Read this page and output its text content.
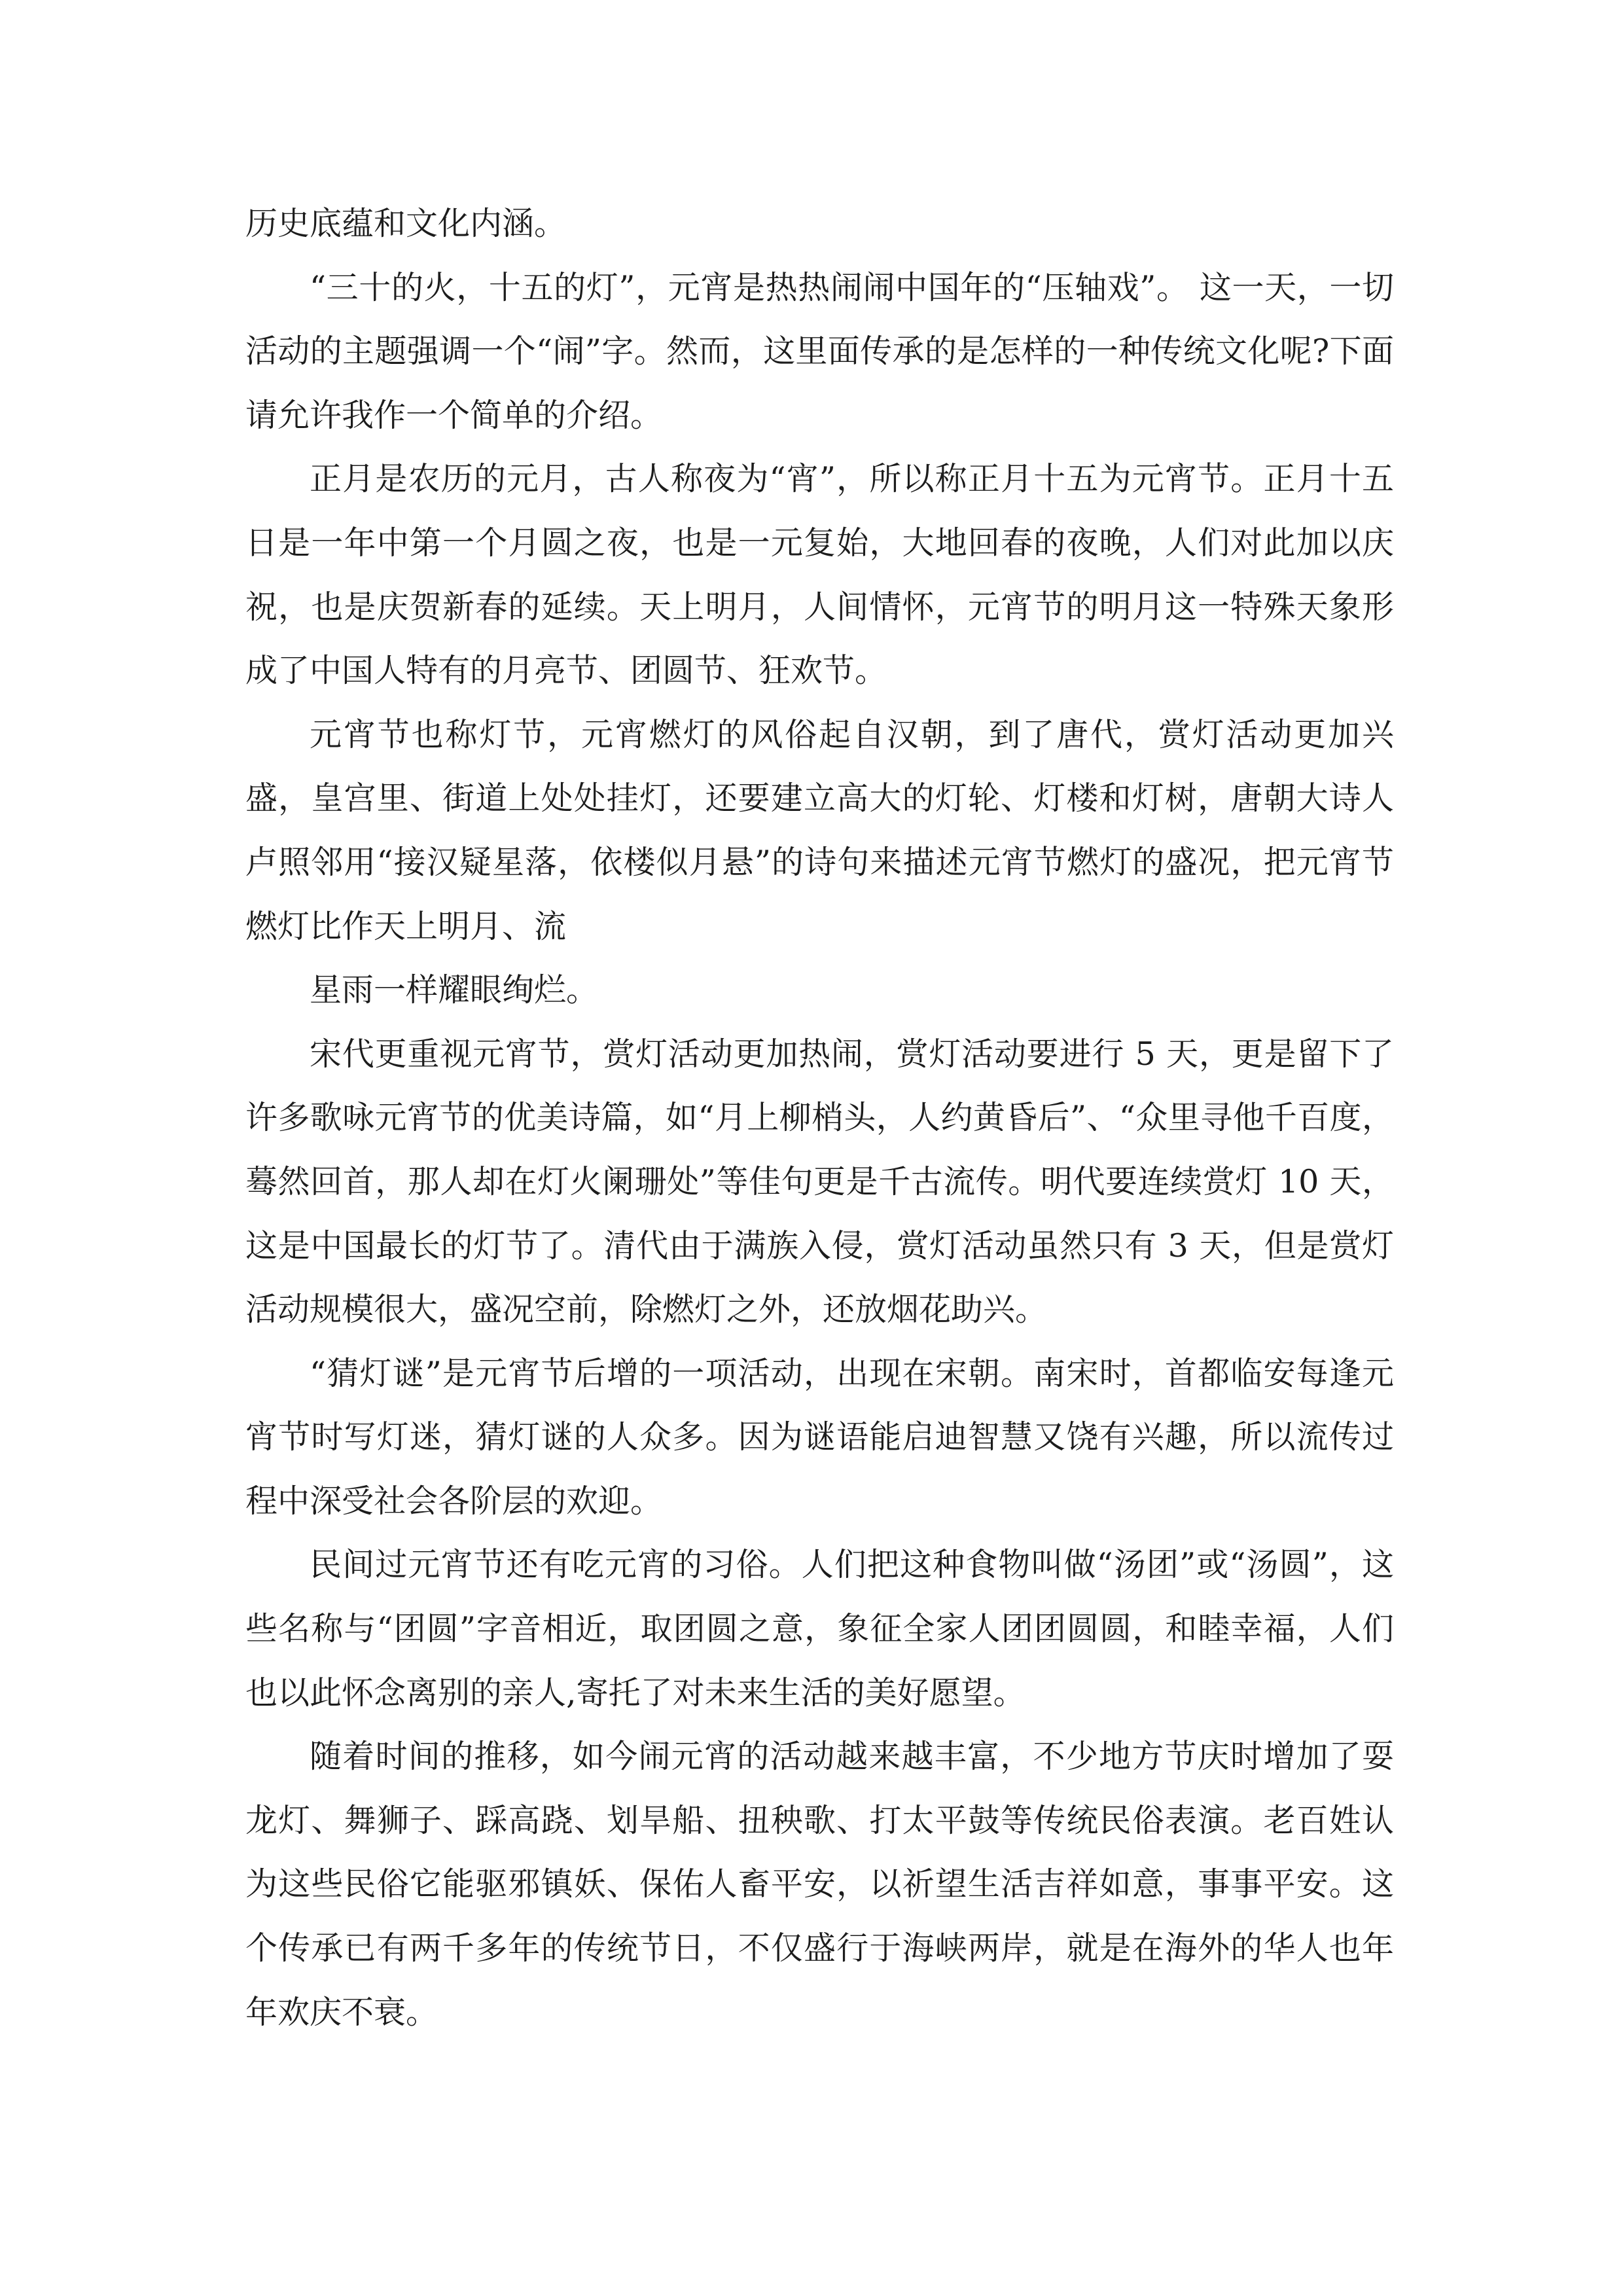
历史底蕴和文化内涵。

“三十的火，十五的灯”，元宵是热热闹闹中国年的“压轴戏”。 这一天，一切活动的主题强调一个“闹”字。然而，这里面传承的是怎样的一种传统文化呢?下面请允许我作一个简单的介绍。

正月是农历的元月，古人称夜为“宵”，所以称正月十五为元宵节。正月十五日是一年中第一个月圆之夜，也是一元复始，大地回春的夜晚，人们对此加以庆祝，也是庆贺新春的延续。天上明月，人间情怀，元宵节的明月这一特殊天象形成了中国人特有的月亮节、团圆节、狂欢节。

元宵节也称灯节，元宵燃灯的风俗起自汉朝，到了唐代，赏灯活动更加兴盛，皇宫里、街道上处处挂灯，还要建立高大的灯轮、灯楼和灯树，唐朝大诗人卢照邻用“接汉疑星落，依楼似月悬”的诗句来描述元宵节燃灯的盛况，把元宵节燃灯比作天上明月、流

星雨一样耀眼绚烂。

宋代更重视元宵节，赏灯活动更加热闹，赏灯活动要进行 5 天，更是留下了许多歌咏元宵节的优美诗篇，如“月上柳梢头，人约黄昏后”、“众里寻他千百度，蓦然回首，那人却在灯火阑珊处”等佳句更是千古流传。明代要连续赏灯 10 天，这是中国最长的灯节了。清代由于满族入侵，赏灯活动虽然只有 3 天，但是赏灯活动规模很大，盛况空前，除燃灯之外，还放烟花助兴。

“猜灯谜”是元宵节后增的一项活动，出现在宋朝。南宋时，首都临安每逢元宵节时写灯迷，猜灯谜的人众多。因为谜语能启迪智慧又饶有兴趣，所以流传过程中深受社会各阶层的欢迎。

民间过元宵节还有吃元宵的习俗。人们把这种食物叫做“汤团”或“汤圆”，这些名称与“团圆”字音相近，取团圆之意，象征全家人团团圆圆，和睦幸福，人们也以此怀念离别的亲人,寄托了对未来生活的美好愿望。

随着时间的推移，如今闹元宵的活动越来越丰富，不少地方节庆时增加了耍龙灯、舞狮子、踩高跷、划旱船、扭秧歌、打太平鼓等传统民俗表演。老百姓认为这些民俗它能驱邪镇妖、保佑人畜平安，以祈望生活吉祥如意，事事平安。这个传承已有两千多年的传统节日，不仅盛行于海峡两岸，就是在海外的华人也年年欢庆不衰。
